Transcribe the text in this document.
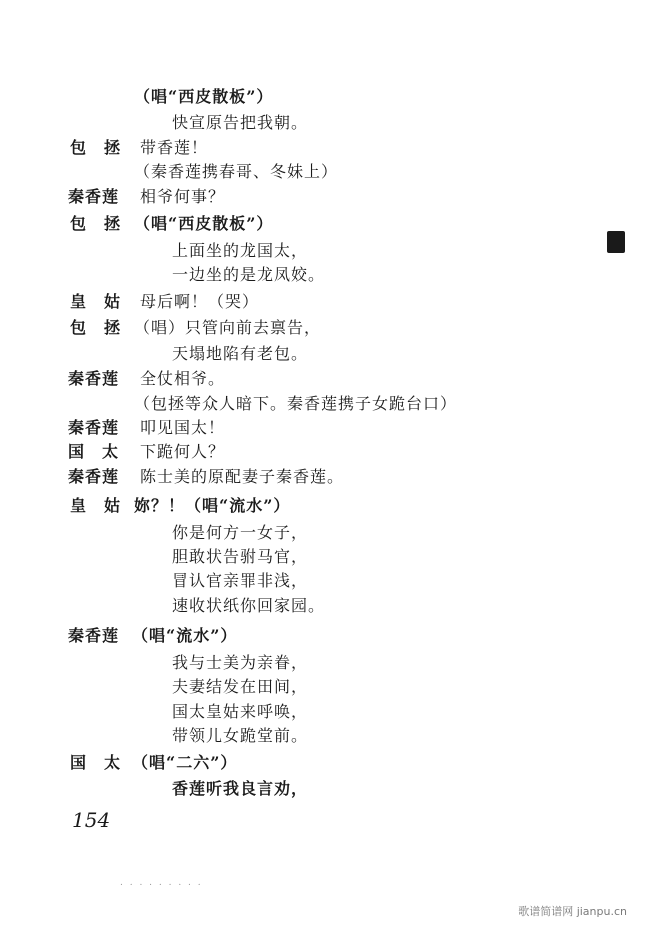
（唱“西皮散板”）
快宣原告把我朝。
包　拯 带香莲！
（秦香莲携春哥、冬妹上）
秦香莲 相爷何事？
包　拯 （唱“西皮散板”）
上面坐的龙国太，
一边坐的是龙凤姣。
皇　姑 母后啊！（哭）
包　拯 （唱）只管向前去禀告，
天塌地陷有老包。
秦香莲 全仗相爷。
（包拯等众人暗下。秦香莲携子女跪台口）
秦香莲 叩见国太！
国　太 下跪何人？
秦香莲 陈士美的原配妻子秦香莲。
皇　姑 妳？！（唱“流水”）
你是何方一女子，
胆敢状告驸马官，
冒认官亲罪非浅，
速收状纸你回家园。
秦香莲 （唱“流水”）
我与士美为亲眷，
夫妻结发在田间，
国太皇姑来呼唤，
带领儿女跪堂前。
国　太 （唱“二六”）
香莲听我良言劝，
154
. . . . . . . . .
歌谱简谱网 jianpu.cn
